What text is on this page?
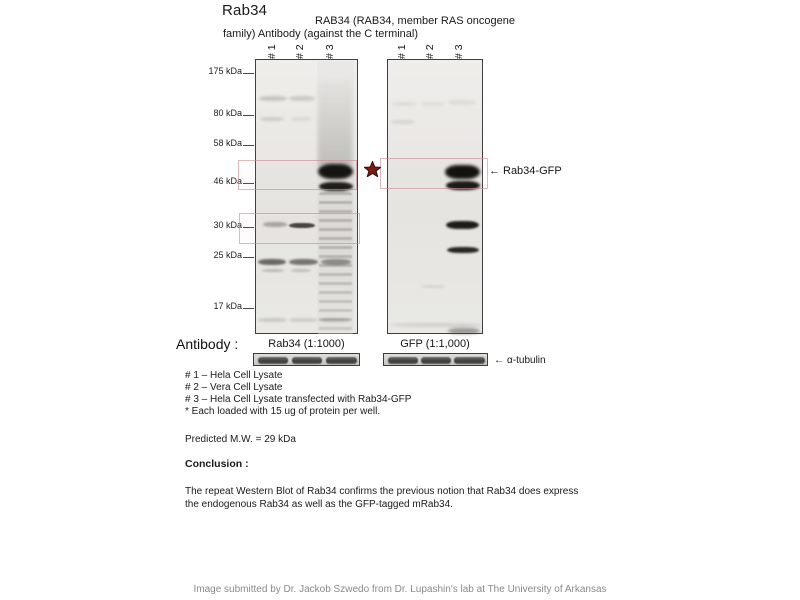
Rab34
RAB34 (RAB34, member RAS oncogene
family) Antibody (against the C terminal)
# 1 # 2 # 3	# 1 # 2 # 3
175 kDa
80 kDa
58 kDa
46 kDa
30 kDa
25 kDa
17 kDa
← Rab34-GFP
Rab34 (1:1000)	GFP (1:1,000)
Antibody :
← α-tubulin
# 1 – Hela Cell Lysate
# 2 – Vera Cell Lysate
# 3 – Hela Cell Lysate transfected with Rab34-GFP
* Each loaded with 15 ug of protein per well.
Predicted M.W. = 29 kDa
Conclusion :
The repeat Western Blot of Rab34 confirms the previous notion that Rab34 does express the endogenous Rab34 as well as the GFP-tagged mRab34.
Image submitted by Dr. Jackob Szwedo from Dr. Lupashin's lab at The University of Arkansas
